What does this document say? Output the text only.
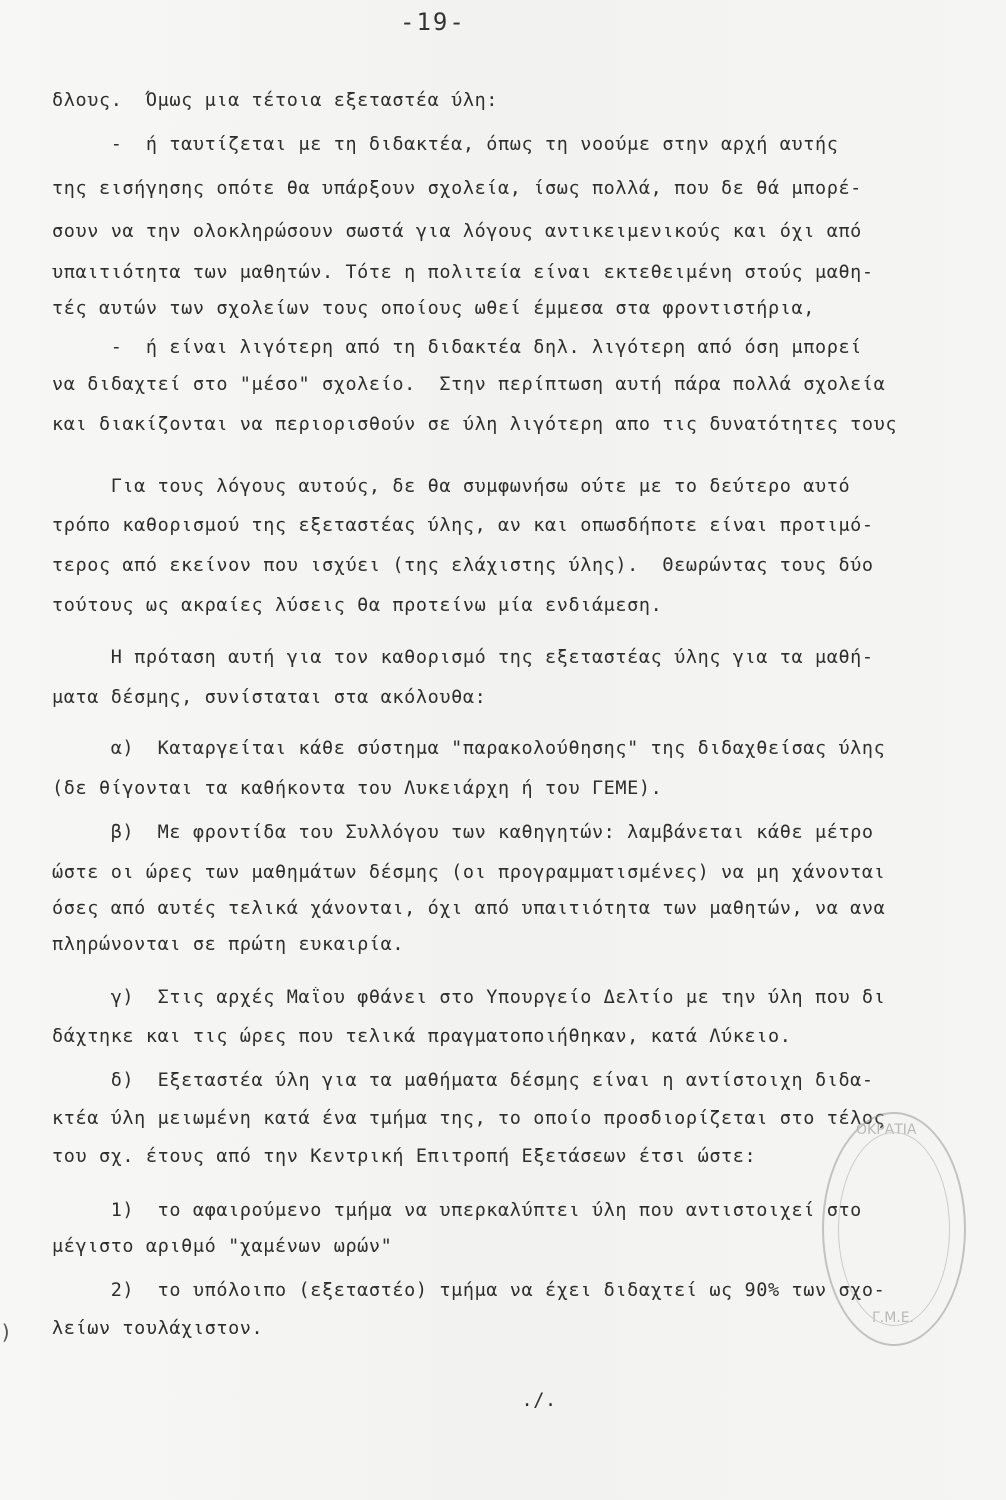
-19-
δλους.  Όμως μια τέτοια εξεταστέα ύλη:
-  ή ταυτίζεται με τη διδακτέα, όπως τη νοούμε στην αρχή αυτής
της εισήγησης οπότε θα υπάρξουν σχολεία, ίσως πολλά, που δε θά μπορέ-
σουν να την ολοκληρώσουν σωστά για λόγους αντικειμενικούς και όχι από
υπαιτιότητα των μαθητών. Τότε η πολιτεία είναι εκτεθειμένη στούς μαθη-
τές αυτών των σχολείων τους οποίους ωθεί έμμεσα στα φροντιστήρια,
-  ή είναι λιγότερη από τη διδακτέα δηλ. λιγότερη από όση μπορεί
να διδαχτεί στο "μέσο" σχολείο.  Στην περίπτωση αυτή πάρα πολλά σχολεία
και διακίζονται να περιορισθούν σε ύλη λιγότερη απο τις δυνατότητες τους
Για τους λόγους αυτούς, δε θα συμφωνήσω ούτε με το δεύτερο αυτό
τρόπο καθορισμού της εξεταστέας ύλης, αν και οπωσδήποτε είναι προτιμό-
τερος από εκείνον που ισχύει (της ελάχιστης ύλης).  Θεωρώντας τους δύο
τούτους ως ακραίες λύσεις θα προτείνω μία ενδιάμεση.
Η πρόταση αυτή για τον καθορισμό της εξεταστέας ύλης για τα μαθή-
ματα δέσμης, συνίσταται στα ακόλουθα:
α)  Καταργείται κάθε σύστημα "παρακολούθησης" της διδαχθείσας ύλης
(δε θίγονται τα καθήκοντα του Λυκειάρχη ή του ΓΕΜΕ).
β)  Με φροντίδα του Συλλόγου των καθηγητών: λαμβάνεται κάθε μέτρο
ώστε οι ώρες των μαθημάτων δέσμης (οι προγραμματισμένες) να μη χάνονται
όσες από αυτές τελικά χάνονται, όχι από υπαιτιότητα των μαθητών, να ανα
πληρώνονται σε πρώτη ευκαιρία.
γ)  Στις αρχές Μαΐου φθάνει στο Υπουργείο Δελτίο με την ύλη που δι
δάχτηκε και τις ώρες που τελικά πραγματοποιήθηκαν, κατά Λύκειο.
δ)  Εξεταστέα ύλη για τα μαθήματα δέσμης είναι η αντίστοιχη διδα-
κτέα ύλη μειωμένη κατά ένα τμήμα της, το οποίο προσδιορίζεται στο τέλος
του σχ. έτους από την Κεντρική Επιτροπή Εξετάσεων έτσι ώστε:
1)  το αφαιρούμενο τμήμα να υπερκαλύπτει ύλη που αντιστοιχεί στο
μέγιστο αριθμό "χαμένων ωρών"
2)  το υπόλοιπο (εξεταστέο) τμήμα να έχει διδαχτεί ως 90% των σχο-
λείων τουλάχιστον.
./.
ΟΚΡΑΤΙΑ
Γ.Μ.Ε.
)
